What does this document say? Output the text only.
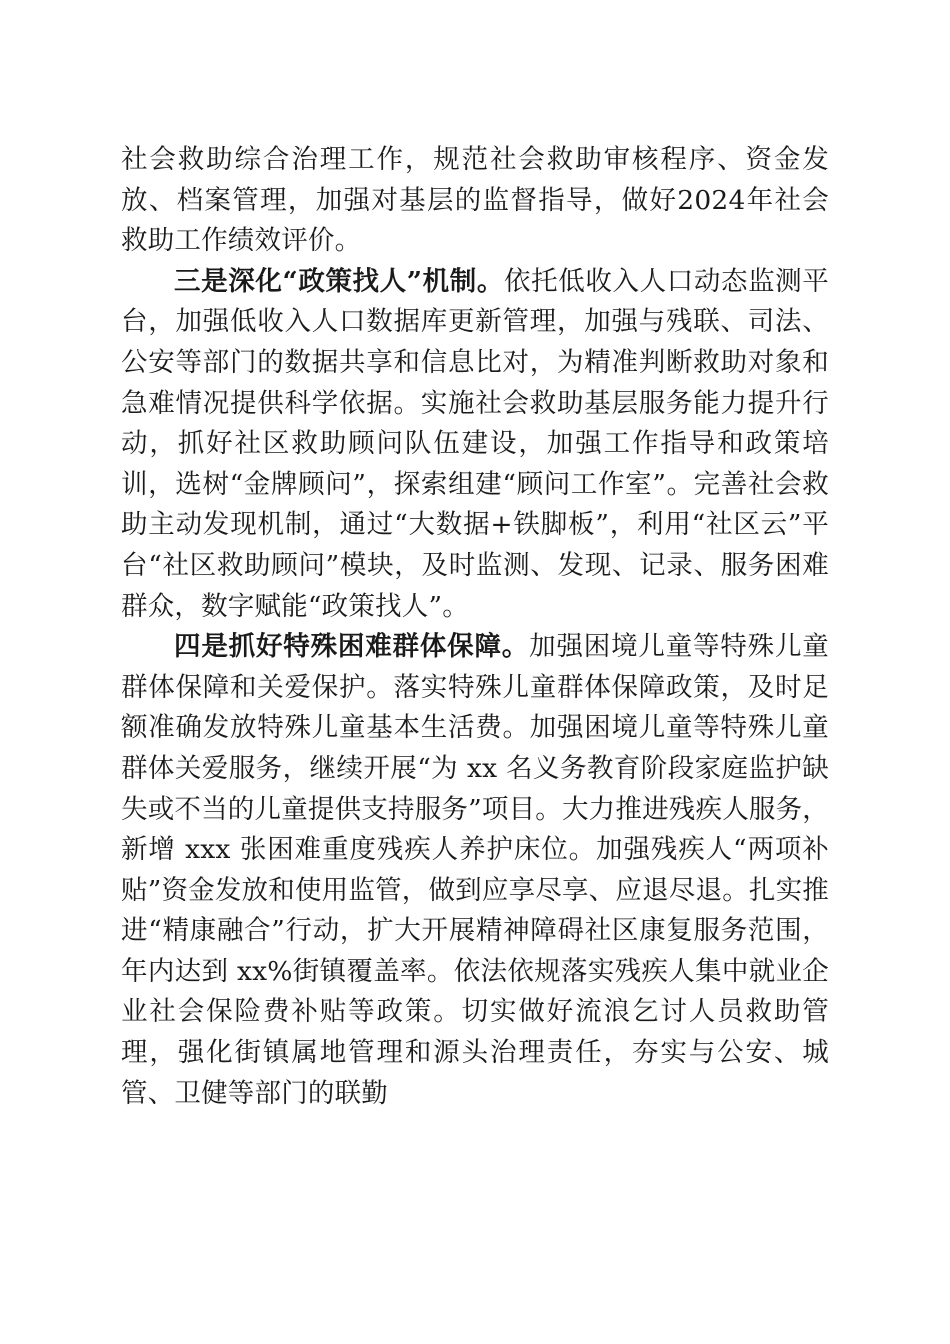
社会救助综合治理工作，规范社会救助审核程序、资金发放、档案管理，加强对基层的监督指导，做好2024年社会救助工作绩效评价。

三是深化“政策找人”机制。依托低收入人口动态监测平台，加强低收入人口数据库更新管理，加强与残联、司法、公安等部门的数据共享和信息比对，为精准判断救助对象和急难情况提供科学依据。实施社会救助基层服务能力提升行动，抓好社区救助顾问队伍建设，加强工作指导和政策培训，选树“金牌顾问”，探索组建“顾问工作室”。完善社会救助主动发现机制，通过“大数据+铁脚板”，利用“社区云”平台“社区救助顾问”模块，及时监测、发现、记录、服务困难群众，数字赋能“政策找人”。

四是抓好特殊困难群体保障。加强困境儿童等特殊儿童群体保障和关爱保护。落实特殊儿童群体保障政策，及时足额准确发放特殊儿童基本生活费。加强困境儿童等特殊儿童群体关爱服务，继续开展“为 xx 名义务教育阶段家庭监护缺失或不当的儿童提供支持服务”项目。大力推进残疾人服务，新增 xxx 张困难重度残疾人养护床位。加强残疾人“两项补贴”资金发放和使用监管，做到应享尽享、应退尽退。扎实推进“精康融合”行动，扩大开展精神障碍社区康复服务范围，年内达到 xx%街镇覆盖率。依法依规落实残疾人集中就业企业社会保险费补贴等政策。切实做好流浪乞讨人员救助管理，强化街镇属地管理和源头治理责任，夯实与公安、城管、卫健等部门的联勤
